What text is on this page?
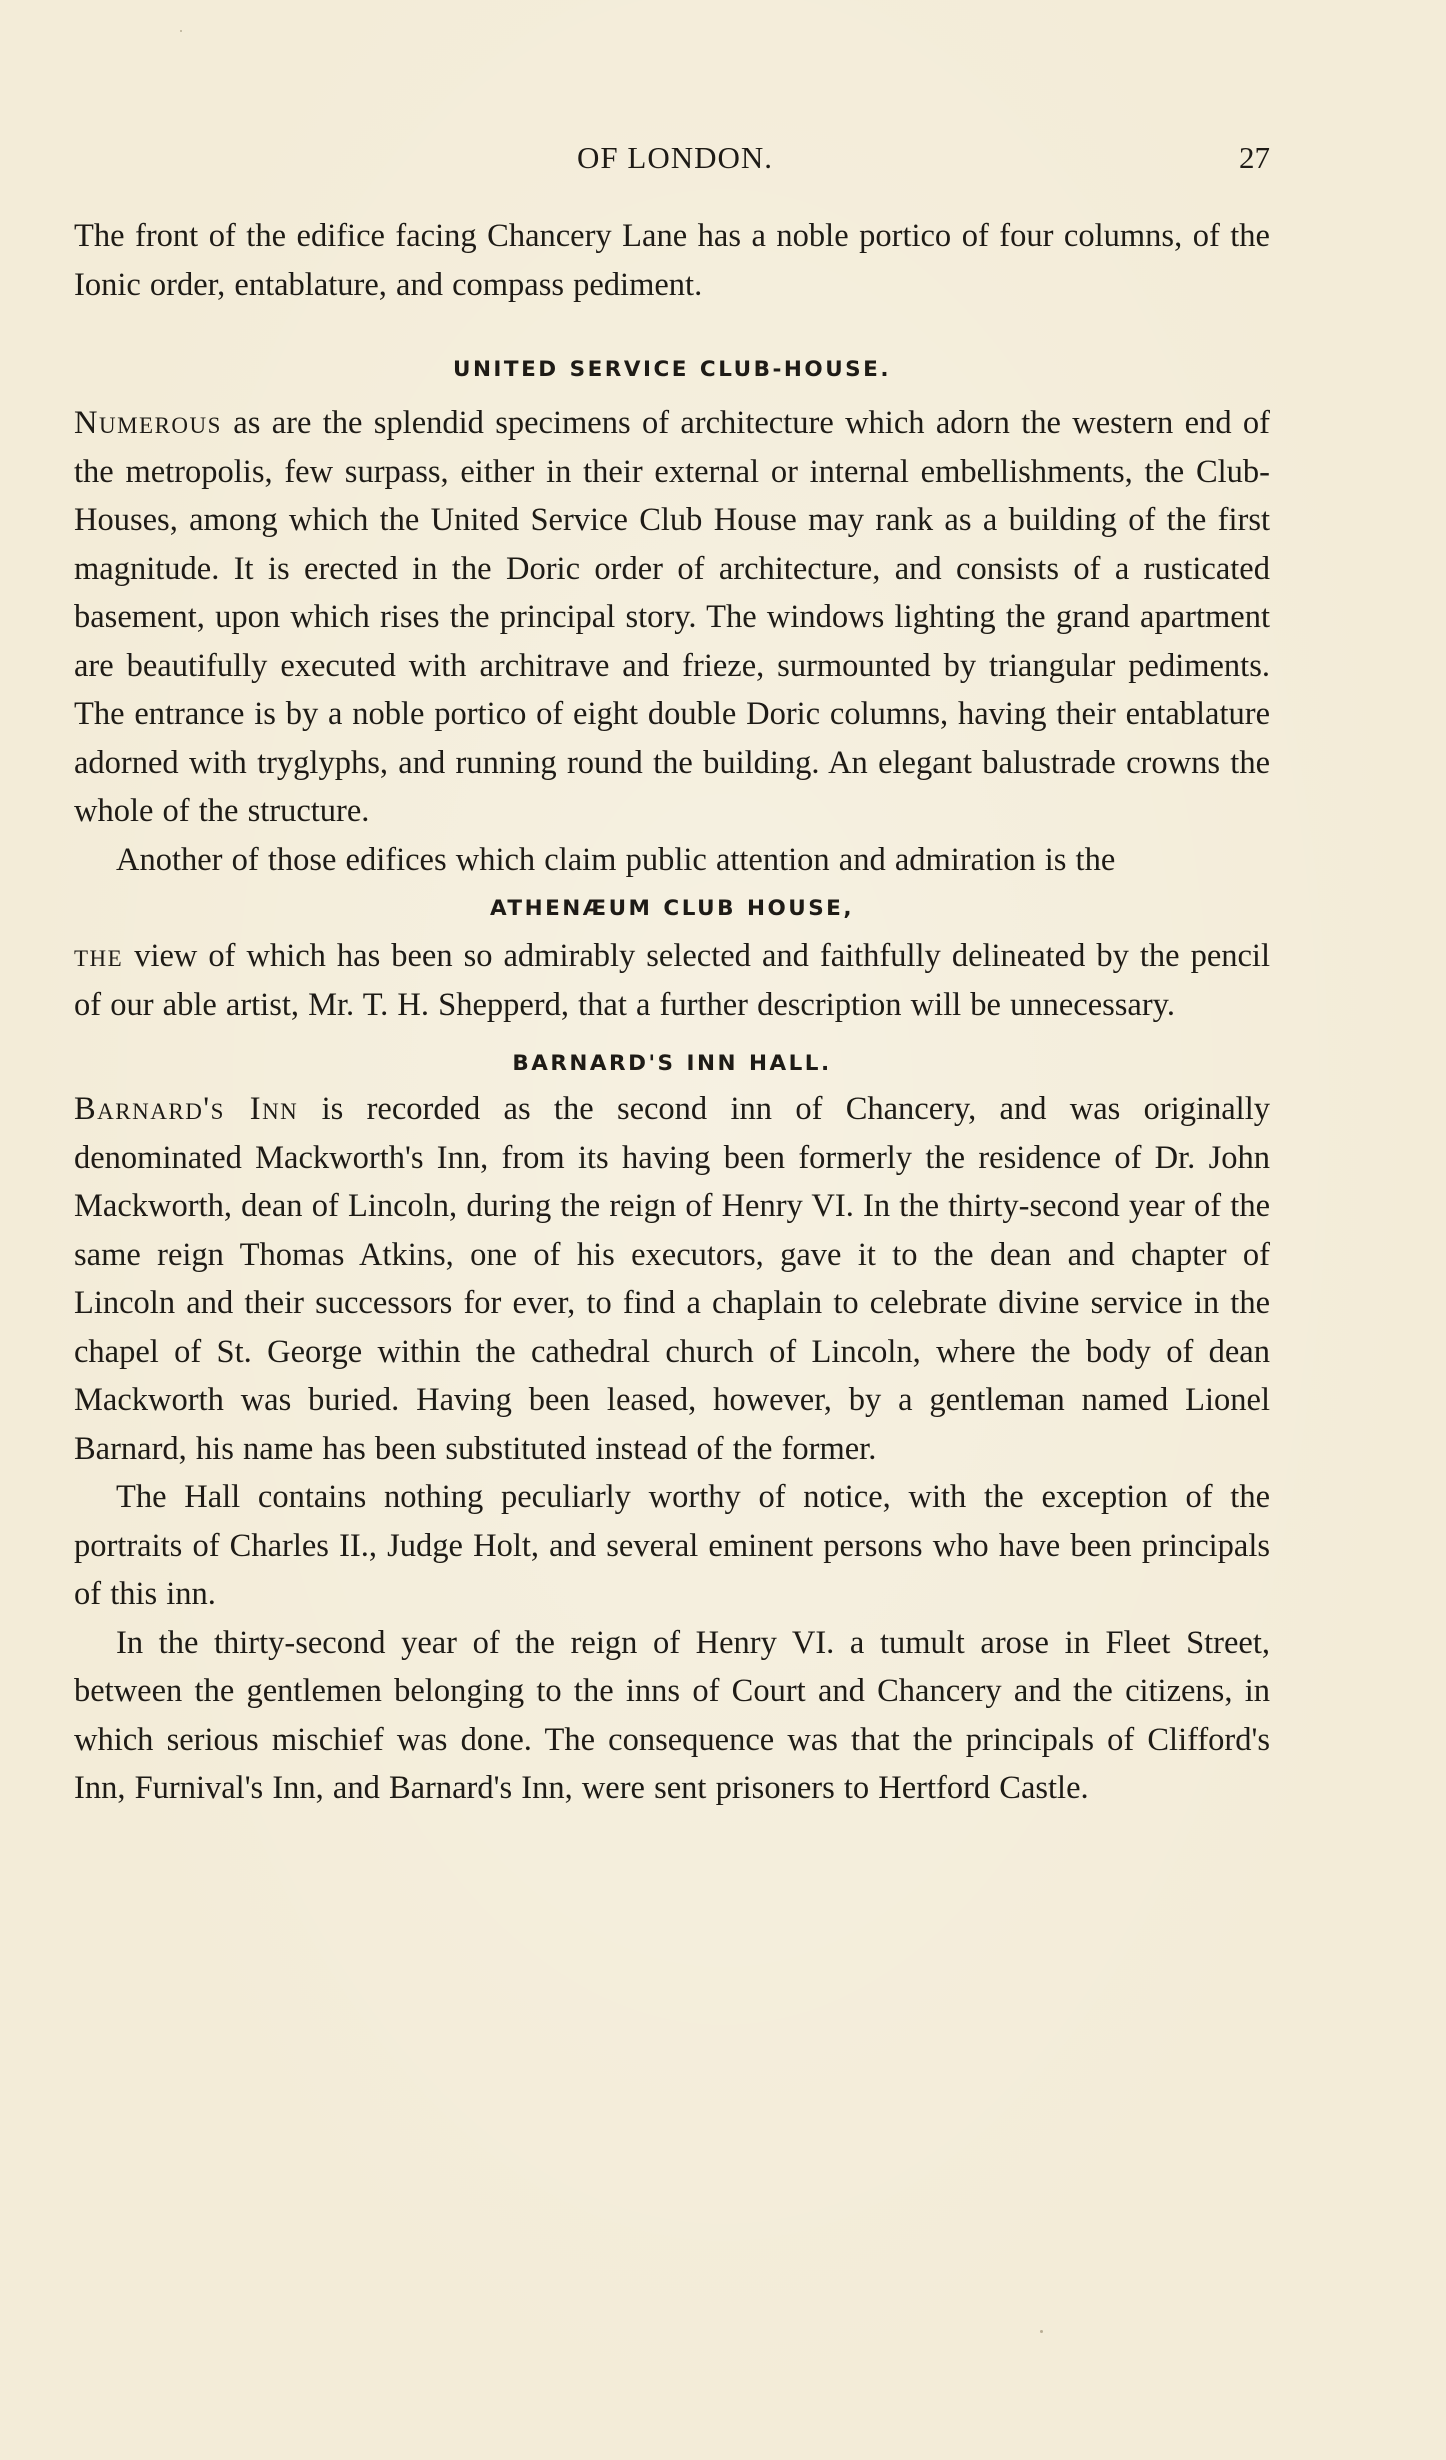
OF LONDON.	27

The front of the edifice facing Chancery Lane has a noble portico of four columns, of the Ionic order, entablature, and compass pediment.

UNITED SERVICE CLUB-HOUSE.

Numerous as are the splendid specimens of architecture which adorn the western end of the metropolis, few surpass, either in their external or internal embellishments, the Club-Houses, among which the United Service Club House may rank as a building of the first magnitude. It is erected in the Doric order of architecture, and consists of a rusticated basement, upon which rises the principal story. The windows lighting the grand apartment are beautifully executed with architrave and frieze, surmounted by triangular pediments. The entrance is by a noble portico of eight double Doric columns, having their entablature adorned with tryglyphs, and running round the building. An elegant balustrade crowns the whole of the structure.

Another of those edifices which claim public attention and admiration is the

ATHENÆUM CLUB HOUSE,

the view of which has been so admirably selected and faithfully delineated by the pencil of our able artist, Mr. T. H. Shepperd, that a further description will be unnecessary.

BARNARD'S INN HALL.

Barnard's Inn is recorded as the second inn of Chancery, and was originally denominated Mackworth's Inn, from its having been formerly the residence of Dr. John Mackworth, dean of Lincoln, during the reign of Henry VI. In the thirty-second year of the same reign Thomas Atkins, one of his executors, gave it to the dean and chapter of Lincoln and their successors for ever, to find a chaplain to celebrate divine service in the chapel of St. George within the cathedral church of Lincoln, where the body of dean Mackworth was buried. Having been leased, however, by a gentleman named Lionel Barnard, his name has been substituted instead of the former.

The Hall contains nothing peculiarly worthy of notice, with the exception of the portraits of Charles II., Judge Holt, and several eminent persons who have been principals of this inn.

In the thirty-second year of the reign of Henry VI. a tumult arose in Fleet Street, between the gentlemen belonging to the inns of Court and Chancery and the citizens, in which serious mischief was done. The consequence was that the principals of Clifford's Inn, Furnival's Inn, and Barnard's Inn, were sent prisoners to Hertford Castle.
